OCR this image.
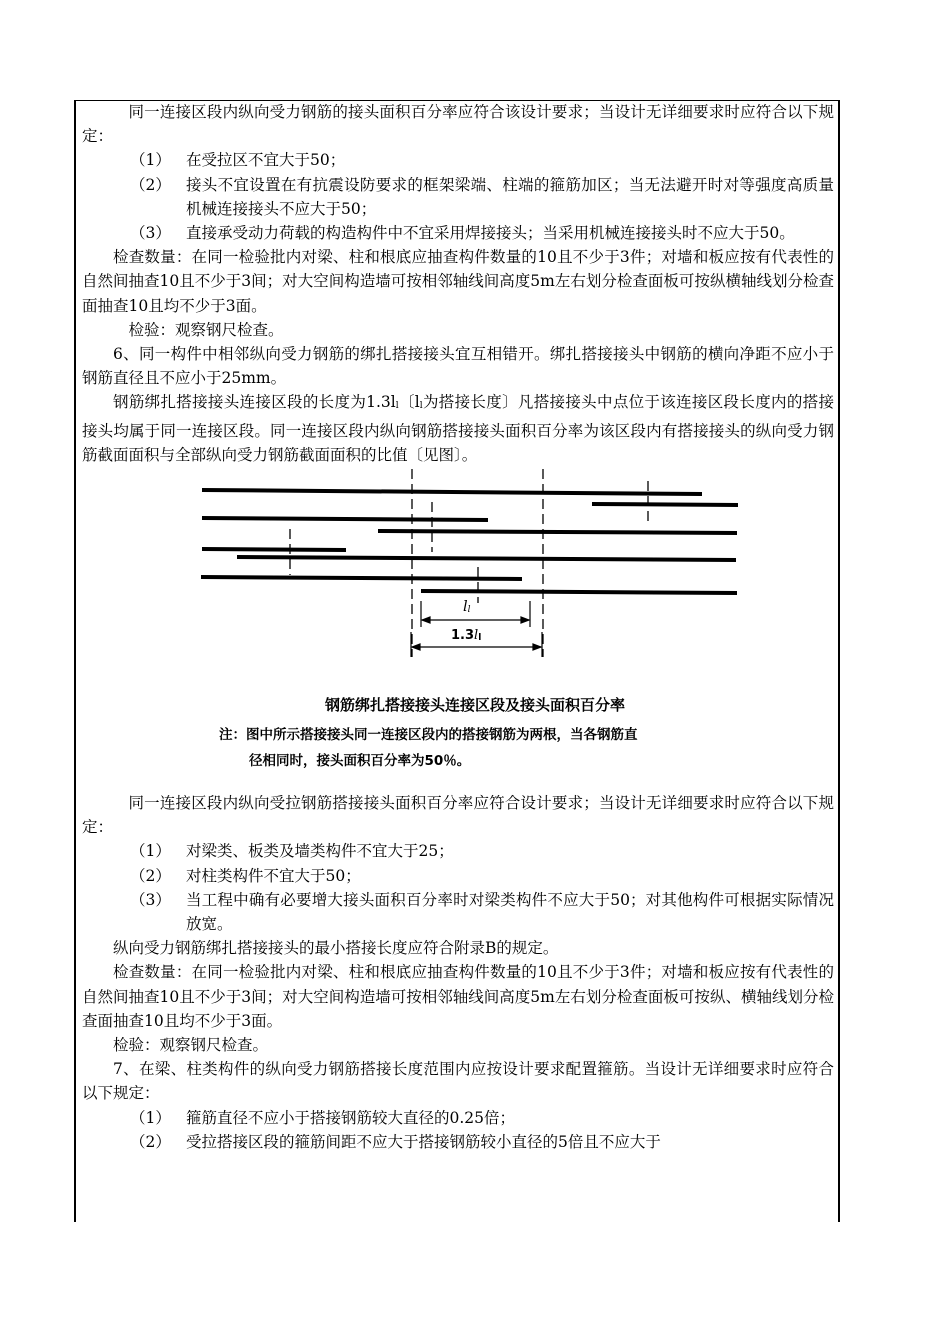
同一连接区段内纵向受力钢筋的接头面积百分率应符合该设计要求；当设计无详细要求时应符合以下规定：
（1） 在受拉区不宜大于50；
（2） 接头不宜设置在有抗震设防要求的框架梁端、柱端的箍筋加区；当无法避开时对等强度高质量机械连接接头不应大于50；
（3） 直接承受动力荷载的构造构件中不宜采用焊接接头；当采用机械连接接头时不应大于50。
检查数量：在同一检验批内对梁、柱和根底应抽查构件数量的10且不少于3件；对墙和板应按有代表性的自然间抽查10且不少于3间；对大空间构造墙可按相邻轴线间高度5m左右划分检查面板可按纵横轴线划分检查面抽查10且均不少于3面。
检验：观察钢尺检查。
6、同一构件中相邻纵向受力钢筋的绑扎搭接接头宜互相错开。绑扎搭接接头中钢筋的横向净距不应小于钢筋直径且不应小于25mm。
钢筋绑扎搭接接头连接区段的长度为1.3ll〔ll为搭接长度〕凡搭接接头中点位于该连接区段长度内的搭接接头均属于同一连接区段。同一连接区段内纵向钢筋搭接接头面积百分率为该区段内有搭接接头的纵向受力钢筋截面面积与全部纵向受力钢筋截面面积的比值〔见图〕。
ll
1.3ll
钢筋绑扎搭接接头连接区段及接头面积百分率
注：图中所示搭接接头同一连接区段内的搭接钢筋为两根，当各钢筋直
径相同时，接头面积百分率为50％。
同一连接区段内纵向受拉钢筋搭接接头面积百分率应符合设计要求；当设计无详细要求时应符合以下规定：
（1） 对梁类、板类及墙类构件不宜大于25；
（2） 对柱类构件不宜大于50；
（3） 当工程中确有必要增大接头面积百分率时对梁类构件不应大于50；对其他构件可根据实际情况放宽。
纵向受力钢筋绑扎搭接接头的最小搭接长度应符合附录B的规定。
检查数量：在同一检验批内对梁、柱和根底应抽查构件数量的10且不少于3件；对墙和板应按有代表性的自然间抽查10且不少于3间；对大空间构造墙可按相邻轴线间高度5m左右划分检查面板可按纵、横轴线划分检查面抽查10且均不少于3面。
检验：观察钢尺检查。
7、在梁、柱类构件的纵向受力钢筋搭接长度范围内应按设计要求配置箍筋。当设计无详细要求时应符合以下规定：
（1） 箍筋直径不应小于搭接钢筋较大直径的0.25倍；
（2） 受拉搭接区段的箍筋间距不应大于搭接钢筋较小直径的5倍且不应大于
